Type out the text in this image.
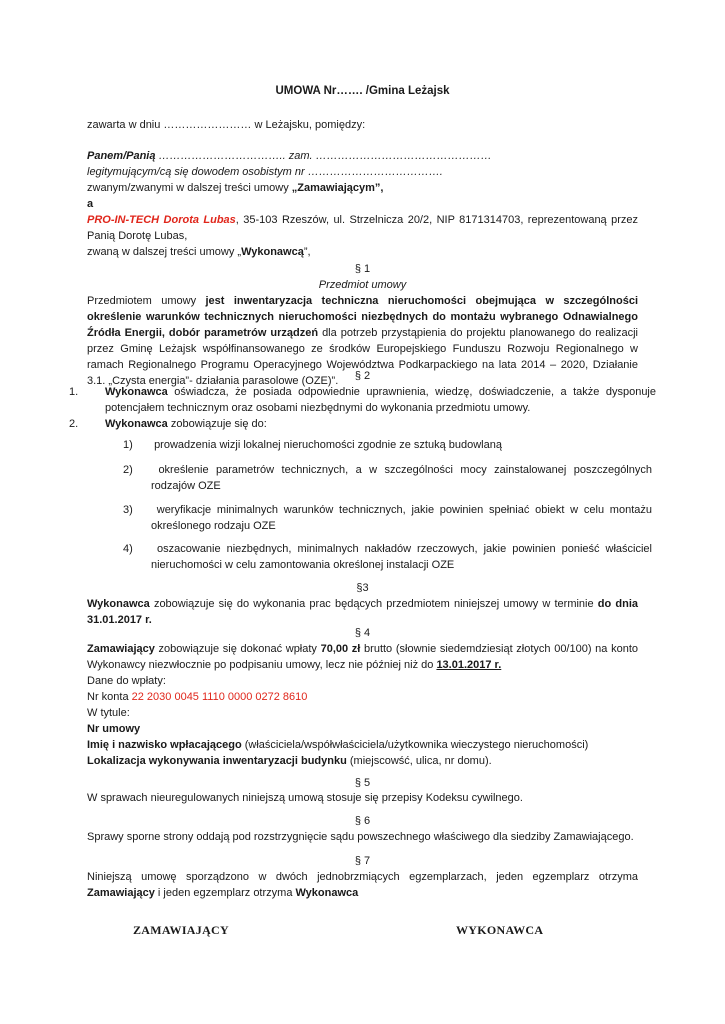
UMOWA Nr……. /Gmina Leżajsk
zawarta w dniu …………………… w Leżajsku, pomiędzy:
Panem/Panią …………………………….. zam. …………………………………………
legitymującym/cą się dowodem osobistym nr ……………………………….
zwanym/zwanymi w dalszej treści umowy „Zamawiającym”,
a
PRO-IN-TECH Dorota Lubas, 35-103 Rzeszów, ul. Strzelnicza 20/2, NIP 8171314703, reprezentowaną przez Panią Dorotę Lubas,
zwaną w dalszej treści umowy „Wykonawcą”,
§ 1
Przedmiot umowy
Przedmiotem umowy jest inwentaryzacja techniczna nieruchomości obejmująca w szczególności określenie warunków technicznych nieruchomości niezbędnych do montażu wybranego Odnawialnego Źródła Energii, dobór parametrów urządzeń dla potrzeb przystąpienia do projektu planowanego do realizacji przez Gminę Leżajsk współfinansowanego ze środków Europejskiego Funduszu Rozwoju Regionalnego w ramach Regionalnego Programu Operacyjnego Województwa Podkarpackiego na lata 2014 – 2020, Działanie 3.1. „Czysta energia”- działania parasolowe (OZE)”.	§ 2
1. Wykonawca oświadcza, że posiada odpowiednie uprawnienia, wiedzę, doświadczenie, a także dysponuje potencjałem technicznym oraz osobami niezbędnymi do wykonania przedmiotu umowy.
2. Wykonawca zobowiązuje się do:
1) prowadzenia wizji lokalnej nieruchomości zgodnie ze sztuką budowlaną
2) określenie parametrów technicznych, a w szczególności mocy zainstalowanej poszczególnych rodzajów OZE
3) weryfikacje minimalnych warunków technicznych, jakie powinien spełniać obiekt w celu montażu określonego rodzaju OZE
4) oszacowanie niezbędnych, minimalnych nakładów rzeczowych, jakie powinien ponieść właściciel nieruchomości w celu zamontowania określonej instalacji OZE
§3
Wykonawca zobowiązuje się do wykonania prac będących przedmiotem niniejszej umowy w terminie do dnia 31.01.2017 r.
§ 4
Zamawiający zobowiązuje się dokonać wpłaty 70,00 zł brutto (słownie siedemdziesiąt złotych 00/100) na konto Wykonawcy niezwłocznie po podpisaniu umowy, lecz nie później niż do 13.01.2017 r.
Dane do wpłaty:
Nr konta 22 2030 0045 1110 0000 0272 8610
W tytule:
Nr umowy
Imię i nazwisko wpłacającego (właściciela/współwłaściciela/użytkownika wieczystego nieruchomości)
Lokalizacja wykonywania inwentaryzacji budynku (miejscowść, ulica, nr domu).
§ 5
W sprawach nieuregulowanych niniejszą umową stosuje się przepisy Kodeksu cywilnego.
§ 6
Sprawy sporne strony oddają pod rozstrzygnięcie sądu powszechnego właściwego dla siedziby Zamawiającego.
§ 7
Niniejszą umowę sporządzono w dwóch jednobrzmiących egzemplarzach, jeden egzemplarz otrzyma Zamawiający i jeden egzemplarz otrzyma Wykonawca
ZAMAWIAJĄCY	WYKONAWCA
